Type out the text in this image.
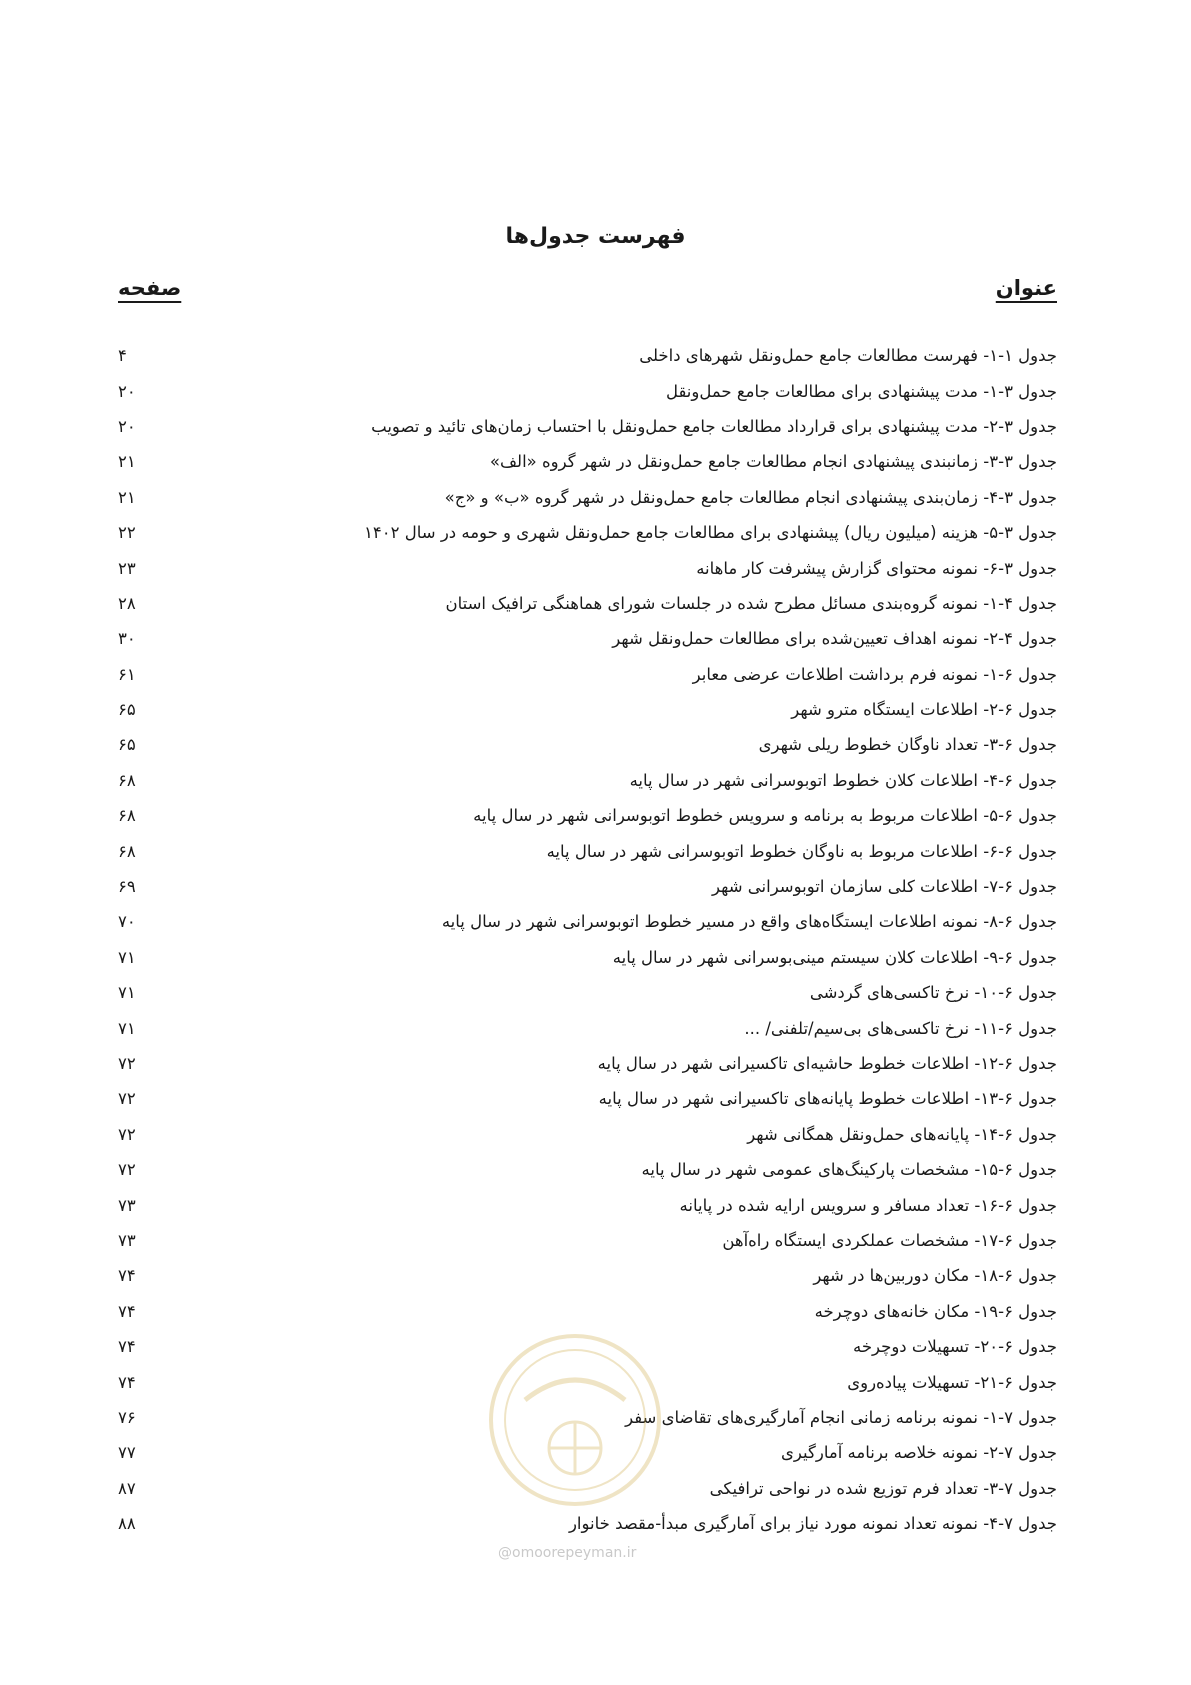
فهرست جدول‌ها
عنوان
صفحه
جدول ۱-۱- فهرست مطالعات جامع حمل‌ونقل شهرهای داخلی
۴
جدول ۳-۱- مدت پیشنهادی برای مطالعات جامع حمل‌ونقل
۲۰
جدول ۳-۲- مدت پیشنهادی برای قرارداد مطالعات جامع حمل‌ونقل با احتساب زمان‌های تائید و تصویب
۲۰
جدول ۳-۳- زمانبندی پیشنهادی انجام مطالعات جامع حمل‌ونقل در شهر گروه «الف»
۲۱
جدول ۳-۴- زمان‌بندی پیشنهادی انجام مطالعات جامع حمل‌ونقل در شهر گروه «ب» و «ج»
۲۱
جدول ۳-۵- هزینه (میلیون ریال) پیشنهادی برای مطالعات جامع حمل‌ونقل شهری و حومه در سال ۱۴۰۲
۲۲
جدول ۳-۶- نمونه محتوای گزارش پیشرفت کار ماهانه
۲۳
جدول ۴-۱- نمونه گروه‌بندی مسائل مطرح شده در جلسات شورای هماهنگی ترافیک استان
۲۸
جدول ۴-۲- نمونه اهداف تعیین‌شده برای مطالعات حمل‌ونقل شهر
۳۰
جدول ۶-۱- نمونه فرم برداشت اطلاعات عرضی معابر
۶۱
جدول ۶-۲- اطلاعات ایستگاه مترو شهر
۶۵
جدول ۶-۳- تعداد ناوگان خطوط ریلی شهری
۶۵
جدول ۶-۴- اطلاعات کلان خطوط اتوبوسرانی شهر در سال پایه
۶۸
جدول ۶-۵- اطلاعات مربوط به برنامه و سرویس خطوط اتوبوسرانی شهر در سال پایه
۶۸
جدول ۶-۶- اطلاعات مربوط به ناوگان خطوط اتوبوسرانی شهر در سال پایه
۶۸
جدول ۶-۷- اطلاعات کلی سازمان اتوبوسرانی شهر
۶۹
جدول ۶-۸- نمونه اطلاعات ایستگاه‌های واقع در مسیر خطوط اتوبوسرانی شهر در سال پایه
۷۰
جدول ۶-۹- اطلاعات کلان سیستم مینی‌بوسرانی شهر در سال پایه
۷۱
جدول ۶-۱۰- نرخ تاکسی‌های گردشی
۷۱
جدول ۶-۱۱- نرخ تاکسی‌های بی‌سیم/تلفنی/ ...
۷۱
جدول ۶-۱۲- اطلاعات خطوط حاشیه‌ای تاکسیرانی شهر در سال پایه
۷۲
جدول ۶-۱۳- اطلاعات خطوط پایانه‌های تاکسیرانی شهر در سال پایه
۷۲
جدول ۶-۱۴- پایانه‌های حمل‌ونقل همگانی شهر
۷۲
جدول ۶-۱۵- مشخصات پارکینگ‌های عمومی شهر در سال پایه
۷۲
جدول ۶-۱۶- تعداد مسافر و سرویس ارایه شده در پایانه
۷۳
جدول ۶-۱۷- مشخصات عملکردی ایستگاه راه‌آهن
۷۳
جدول ۶-۱۸- مکان دوربین‌ها در شهر
۷۴
جدول ۶-۱۹- مکان خانه‌های دوچرخه
۷۴
جدول ۶-۲۰- تسهیلات دوچرخه
۷۴
جدول ۶-۲۱- تسهیلات پیاده‌روی
۷۴
جدول ۷-۱- نمونه برنامه زمانی انجام آمارگیری‌های تقاضای سفر
۷۶
جدول ۷-۲- نمونه خلاصه برنامه آمارگیری
۷۷
جدول ۷-۳- تعداد فرم توزیع شده در نواحی ترافیکی
۸۷
جدول ۷-۴- نمونه تعداد نمونه مورد نیاز برای آمارگیری مبدأ-مقصد خانوار
۸۸
@omoorepeyman.ir
